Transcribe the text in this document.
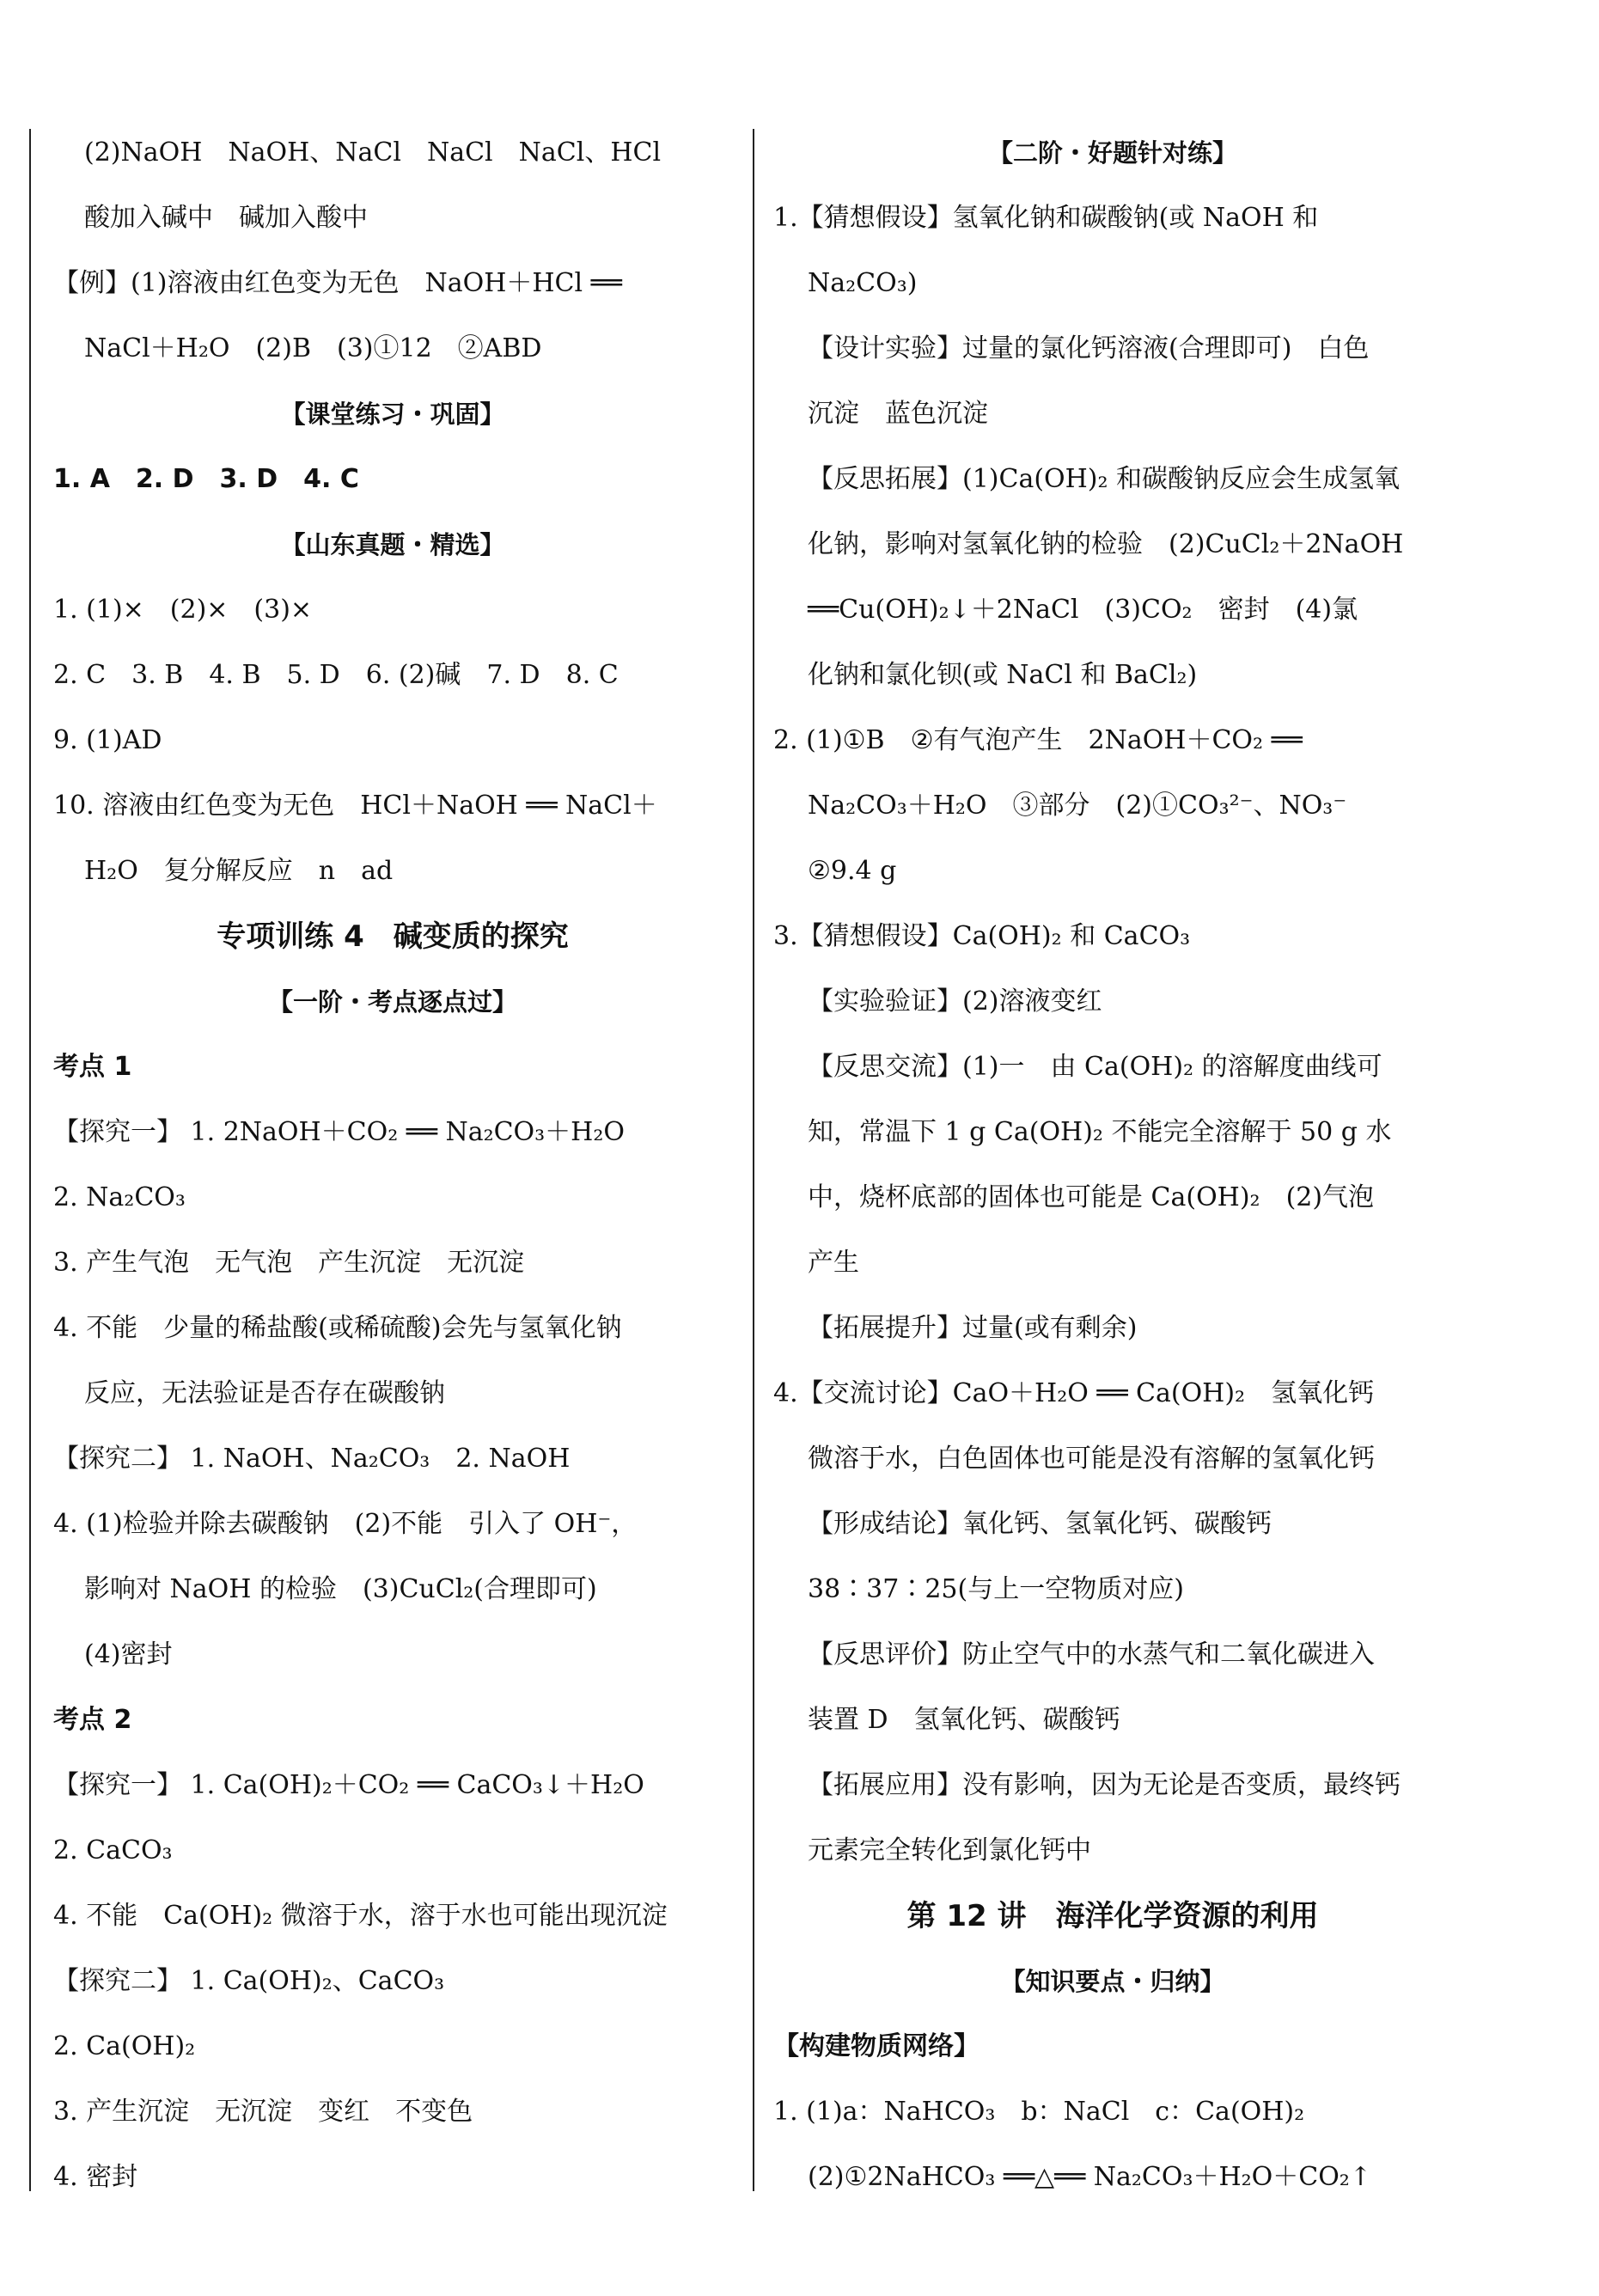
(2)NaOH　NaOH、NaCl　NaCl　NaCl、HCl
酸加入碱中　碱加入酸中
【例】(1)溶液由红色变为无色　NaOH＋HCl ══
NaCl＋H₂O　(2)B　(3)①12　②ABD
【课堂练习・巩固】
1. A　2. D　3. D　4. C
【山东真题・精选】
1. (1)×　(2)×　(3)×
2. C　3. B　4. B　5. D　6. (2)碱　7. D　8. C
9. (1)AD
10. 溶液由红色变为无色　HCl＋NaOH ══ NaCl＋
H₂O　复分解反应　n　ad
专项训练 4　碱变质的探究
【一阶・考点逐点过】
考点 1
【探究一】 1. 2NaOH＋CO₂ ══ Na₂CO₃＋H₂O
2. Na₂CO₃
3. 产生气泡　无气泡　产生沉淀　无沉淀
4. 不能　少量的稀盐酸(或稀硫酸)会先与氢氧化钠
反应，无法验证是否存在碳酸钠
【探究二】 1. NaOH、Na₂CO₃　2. NaOH
4. (1)检验并除去碳酸钠　(2)不能　引入了 OH⁻，
影响对 NaOH 的检验　(3)CuCl₂(合理即可)
(4)密封
考点 2
【探究一】 1. Ca(OH)₂＋CO₂ ══ CaCO₃↓＋H₂O
2. CaCO₃
4. 不能　Ca(OH)₂ 微溶于水，溶于水也可能出现沉淀
【探究二】 1. Ca(OH)₂、CaCO₃
2. Ca(OH)₂
3. 产生沉淀　无沉淀　变红　不变色
4. 密封
【二阶・好题针对练】
1.【猜想假设】氢氧化钠和碳酸钠(或 NaOH 和
Na₂CO₃)
【设计实验】过量的氯化钙溶液(合理即可)　白色
沉淀　蓝色沉淀
【反思拓展】(1)Ca(OH)₂ 和碳酸钠反应会生成氢氧
化钠，影响对氢氧化钠的检验　(2)CuCl₂＋2NaOH
══Cu(OH)₂↓＋2NaCl　(3)CO₂　密封　(4)氯
化钠和氯化钡(或 NaCl 和 BaCl₂)
2. (1)①B　②有气泡产生　2NaOH＋CO₂ ══
Na₂CO₃＋H₂O　③部分　(2)①CO₃²⁻、NO₃⁻
②9.4 g
3.【猜想假设】Ca(OH)₂ 和 CaCO₃
【实验验证】(2)溶液变红
【反思交流】(1)一　由 Ca(OH)₂ 的溶解度曲线可
知，常温下 1 g Ca(OH)₂ 不能完全溶解于 50 g 水
中，烧杯底部的固体也可能是 Ca(OH)₂　(2)气泡
产生
【拓展提升】过量(或有剩余)
4.【交流讨论】CaO＋H₂O ══ Ca(OH)₂　氢氧化钙
微溶于水，白色固体也可能是没有溶解的氢氧化钙
【形成结论】氧化钙、氢氧化钙、碳酸钙
38∶37∶25(与上一空物质对应)
【反思评价】防止空气中的水蒸气和二氧化碳进入
装置 D　氢氧化钙、碳酸钙
【拓展应用】没有影响，因为无论是否变质，最终钙
元素完全转化到氯化钙中
第 12 讲　海洋化学资源的利用
【知识要点・归纳】
【构建物质网络】
1. (1)a：NaHCO₃　b：NaCl　c：Ca(OH)₂
(2)①2NaHCO₃ ══△══ Na₂CO₃＋H₂O＋CO₂↑
